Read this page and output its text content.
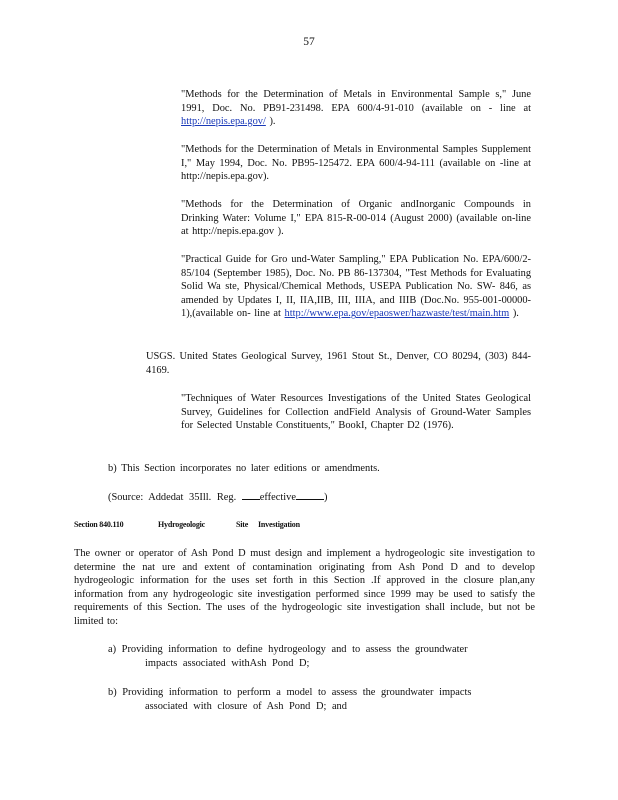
57
"Methods for the Determination of Metals in Environmental Sample s," June 1991, Doc. No. PB91-231498. EPA 600/4-91-010 (available on - line at http://nepis.epa.gov/ ).
"Methods for the Determination of Metals in Environmental Samples Supplement I," May 1994, Doc. No. PB95-125472. EPA 600/4-94-111 (available on -line at http://nepis.epa.gov).
"Methods for the Determination of Organic andInorganic Compounds in Drinking Water: Volume I," EPA 815-R-00-014 (August 2000) (available on-line at http://nepis.epa.gov ).
"Practical Guide for Gro und-Water Sampling," EPA Publication No. EPA/600/2-85/104 (September 1985), Doc. No. PB 86-137304, "Test Methods for Evaluating Solid Wa ste, Physical/Chemical Methods, USEPA Publication No. SW- 846, as amended by Updates I, II, IIA,IIB, III, IIIA, and IIIB (Doc.No. 955-001-00000-1),(available on- line at http://www.epa.gov/epaoswer/hazwaste/test/main.htm ).
USGS. United States Geological Survey, 1961 Stout St., Denver, CO 80294, (303) 844-4169.
"Techniques of Water Resources Investigations of the United States Geological Survey, Guidelines for Collection andField Analysis of Ground-Water Samples for Selected Unstable Constituents," BookI, Chapter D2 (1976).
b) This Section incorporates no later editions or amendments.
(Source: Addedat 35Ill. Reg. effective	)
Section 840.110	Hydrogeologic	Site Investigation
The owner or operator of Ash Pond D must design and implement a hydrogeologic site investigation to determine the nat ure and extent of contamination originating from Ash Pond D and to develop hydrogeologic information for the uses set forth in this Section .If approved in the closure plan,any information from any hydrogeologic site investigation performed since 1999 may be used to satisfy the requirements of this Section. The uses of the hydrogeologic site investigation shall include, but not be limited to:
a) Providing information to define hydrogeology and to assess the groundwater
impacts associated withAsh Pond D;
b) Providing information to perform a model to assess the groundwater impacts
associated with closure of Ash Pond D; and
